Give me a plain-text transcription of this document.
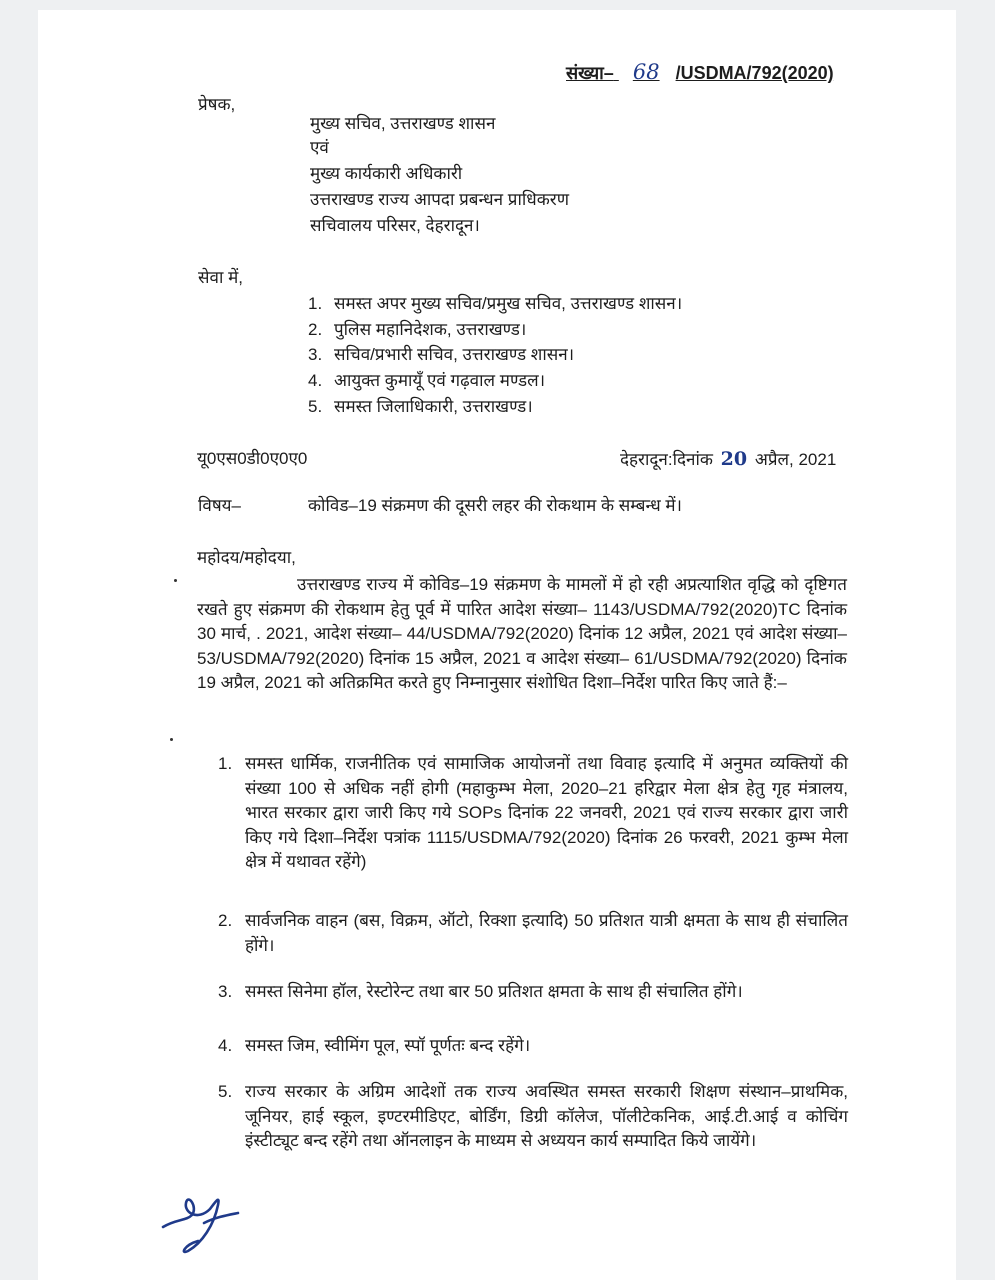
संख्या– 68 /USDMA/792(2020)
प्रेषक,
मुख्य सचिव, उत्तराखण्ड शासन
एवं
मुख्य कार्यकारी अधिकारी
उत्तराखण्ड राज्य आपदा प्रबन्धन प्राधिकरण
सचिवालय परिसर, देहरादून।
सेवा में,
1. समस्त अपर मुख्य सचिव/प्रमुख सचिव, उत्तराखण्ड शासन।
2. पुलिस महानिदेशक, उत्तराखण्ड।
3. सचिव/प्रभारी सचिव, उत्तराखण्ड शासन।
4. आयुक्त कुमायूँ एवं गढ़वाल मण्डल।
5. समस्त जिलाधिकारी, उत्तराखण्ड।
यू0एस0डी0ए0ए0	देहरादून:दिनांक 20 अप्रैल, 2021
विषय–	कोविड–19 संक्रमण की दूसरी लहर की रोकथाम के सम्बन्ध में।
महोदय/महोदया,
उत्तराखण्ड राज्य में कोविड–19 संक्रमण के मामलों में हो रही अप्रत्याशित वृद्धि को दृष्टिगत रखते हुए संक्रमण की रोकथाम हेतु पूर्व में पारित आदेश संख्या– 1143/USDMA/792(2020)TC दिनांक 30 मार्च, . 2021, आदेश संख्या– 44/USDMA/792(2020) दिनांक 12 अप्रैल, 2021 एवं आदेश संख्या– 53/USDMA/792(2020) दिनांक 15 अप्रैल, 2021 व आदेश संख्या– 61/USDMA/792(2020) दिनांक 19 अप्रैल, 2021 को अतिक्रमित करते हुए निम्नानुसार संशोधित दिशा–निर्देश पारित किए जाते हैं:–
1. समस्त धार्मिक, राजनीतिक एवं सामाजिक आयोजनों तथा विवाह इत्यादि में अनुमत व्यक्तियों की संख्या 100 से अधिक नहीं होगी (महाकुम्भ मेला, 2020–21 हरिद्वार मेला क्षेत्र हेतु गृह मंत्रालय, भारत सरकार द्वारा जारी किए गये SOPs दिनांक 22 जनवरी, 2021 एवं राज्य सरकार द्वारा जारी किए गये दिशा–निर्देश पत्रांक 1115/USDMA/792(2020) दिनांक 26 फरवरी, 2021 कुम्भ मेला क्षेत्र में यथावत रहेंगे)
2. सार्वजनिक वाहन (बस, विक्रम, ऑटो, रिक्शा इत्यादि) 50 प्रतिशत यात्री क्षमता के साथ ही संचालित होंगे।
3. समस्त सिनेमा हॉल, रेस्टोरेन्ट तथा बार 50 प्रतिशत क्षमता के साथ ही संचालित होंगे।
4. समस्त जिम, स्वीमिंग पूल, स्पॉ पूर्णतः बन्द रहेंगे।
5. राज्य सरकार के अग्रिम आदेशों तक राज्य अवस्थित समस्त सरकारी शिक्षण संस्थान–प्राथमिक, जूनियर, हाई स्कूल, इण्टरमीडिएट, बोर्डिंग, डिग्री कॉलेज, पॉलीटेकनिक, आई.टी.आई व कोचिंग इंस्टीट्यूट बन्द रहेंगे तथा ऑनलाइन के माध्यम से अध्ययन कार्य सम्पादित किये जायेंगे।
